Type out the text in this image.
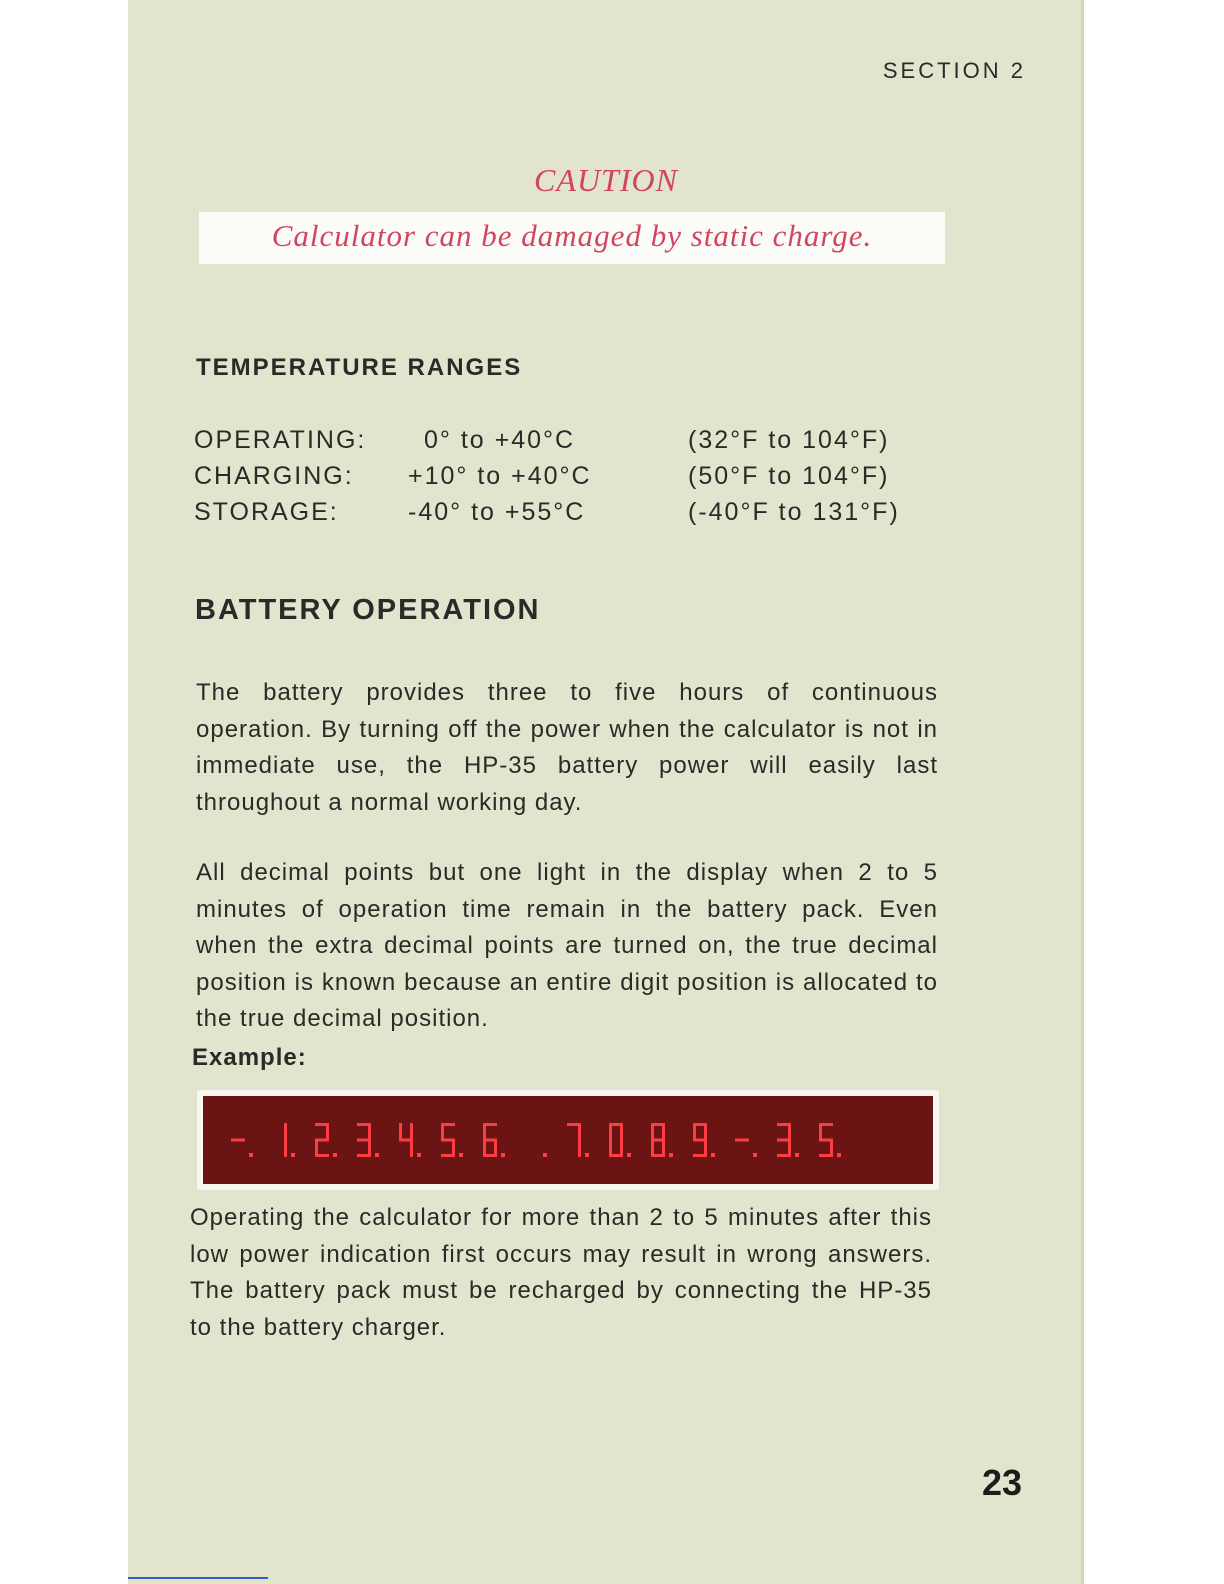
SECTION 2
CAUTION
Calculator can be damaged by static charge.
TEMPERATURE RANGES
OPERATING: 0° to +40°C	(32°F to 104°F)
CHARGING: +10° to +40°C	(50°F to 104°F)
STORAGE:	-40° to +55°C	(-40°F to 131°F)
BATTERY OPERATION

The battery provides three to five hours of continuous operation. By turning off the power when the calculator is not in immediate use, the HP-35 battery power will easily last throughout a normal working day.

All decimal points but one light in the display when 2 to 5 minutes of operation time remain in the battery pack. Even when the extra decimal points are turned on, the true decimal position is known because an entire digit position is allocated to the true decimal position.

Example:

Operating the calculator for more than 2 to 5 minutes after this low power indication first occurs may result in wrong answers. The battery pack must be recharged by connecting the HP-35 to the battery charger.

23
